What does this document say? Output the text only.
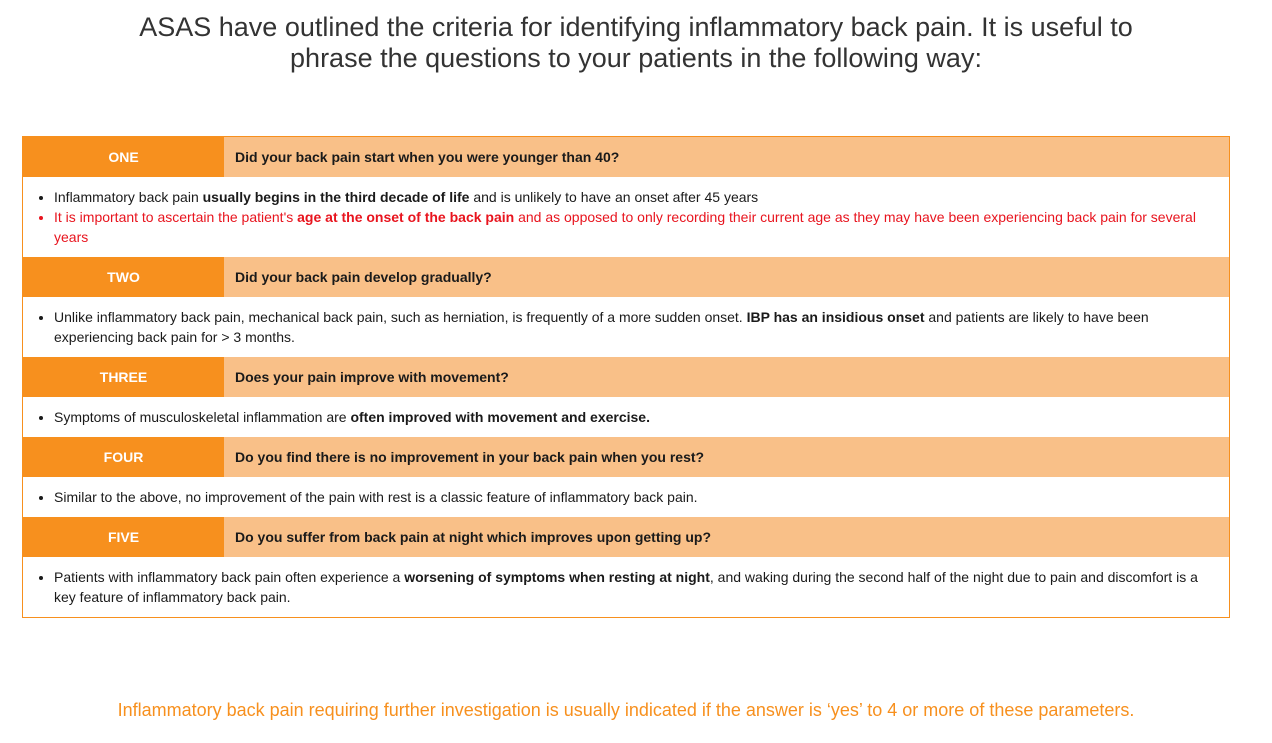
ASAS have outlined the criteria for identifying inflammatory back pain. It is useful to
phrase the questions to your patients in the following way:
ONE	Did your back pain start when you were younger than 40?
• Inflammatory back pain usually begins in the third decade of life and is unlikely to have an onset after 45 years
• It is important to ascertain the patient's age at the onset of the back pain and as opposed to only recording their current age as they may have been experiencing back pain for several years
TWO	Did your back pain develop gradually?
• Unlike inflammatory back pain, mechanical back pain, such as herniation, is frequently of a more sudden onset. IBP has an insidious onset and patients are likely to have been experiencing back pain for > 3 months.
THREE	Does your pain improve with movement?
• Symptoms of musculoskeletal inflammation are often improved with movement and exercise.
FOUR	Do you find there is no improvement in your back pain when you rest?
• Similar to the above, no improvement of the pain with rest is a classic feature of inflammatory back pain.
FIVE	Do you suffer from back pain at night which improves upon getting up?
• Patients with inflammatory back pain often experience a worsening of symptoms when resting at night, and waking during the second half of the night due to pain and discomfort is a key feature of inflammatory back pain.
Inflammatory back pain requiring further investigation is usually indicated if the answer is ‘yes’ to 4 or more of these parameters.
